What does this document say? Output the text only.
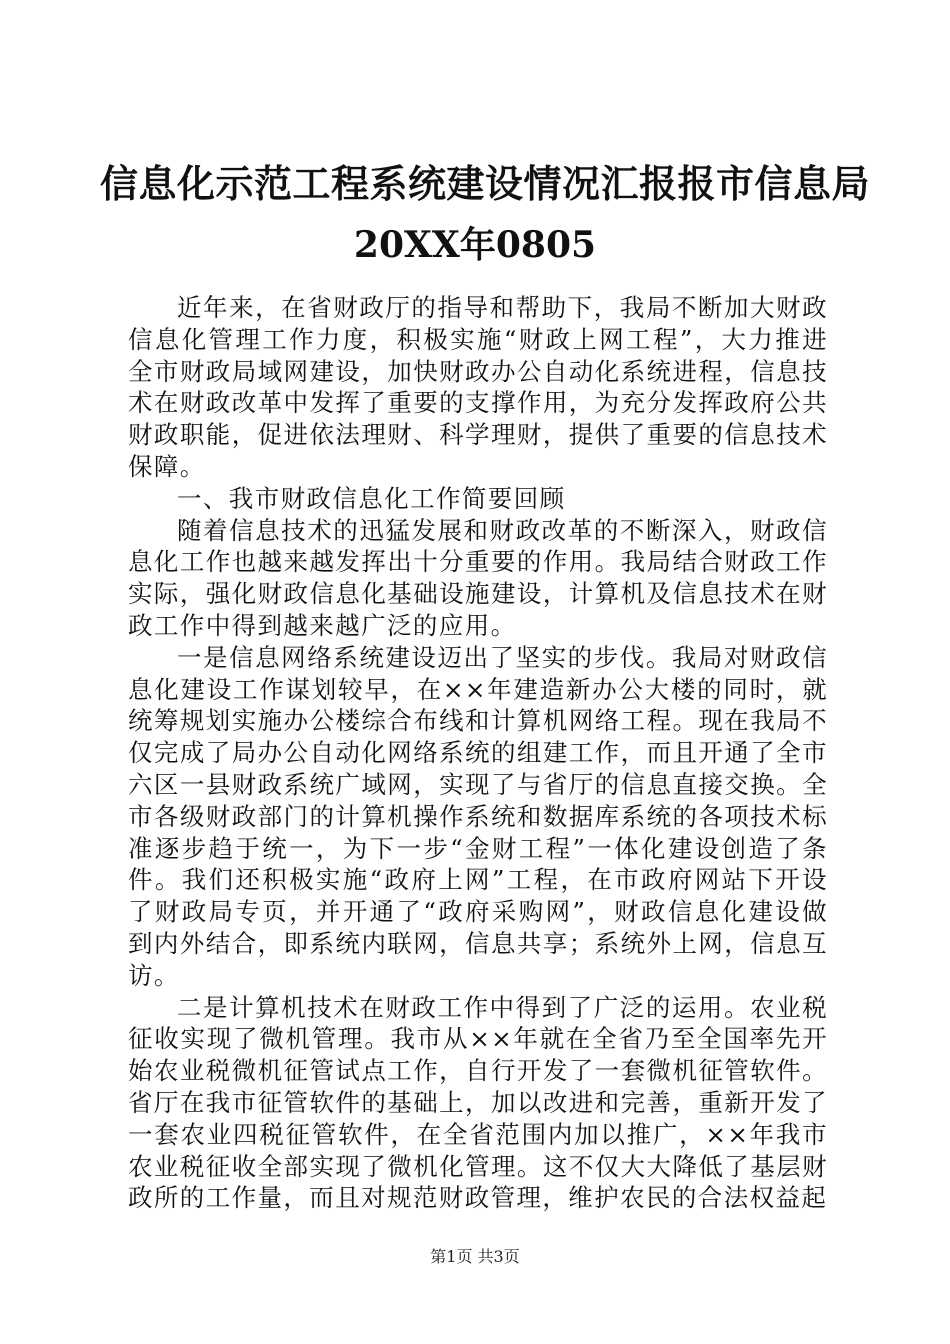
信息化示范工程系统建设情况汇报报市信息局
20XX年0805

近年来，在省财政厅的指导和帮助下，我局不断加大财政信息化管理工作力度，积极实施“财政上网工程”，大力推进全市财政局域网建设，加快财政办公自动化系统进程，信息技术在财政改革中发挥了重要的支撑作用，为充分发挥政府公共财政职能，促进依法理财、科学理财，提供了重要的信息技术保障。

一、我市财政信息化工作简要回顾

随着信息技术的迅猛发展和财政改革的不断深入，财政信息化工作也越来越发挥出十分重要的作用。我局结合财政工作实际，强化财政信息化基础设施建设，计算机及信息技术在财政工作中得到越来越广泛的应用。

一是信息网络系统建设迈出了坚实的步伐。我局对财政信息化建设工作谋划较早，在××年建造新办公大楼的同时，就统筹规划实施办公楼综合布线和计算机网络工程。现在我局不仅完成了局办公自动化网络系统的组建工作，而且开通了全市六区一县财政系统广域网，实现了与省厅的信息直接交换。全市各级财政部门的计算机操作系统和数据库系统的各项技术标准逐步趋于统一，为下一步“金财工程”一体化建设创造了条件。我们还积极实施“政府上网”工程，在市政府网站下开设了财政局专页，并开通了“政府采购网”，财政信息化建设做到内外结合，即系统内联网，信息共享；系统外上网，信息互访。

二是计算机技术在财政工作中得到了广泛的运用。农业税征收实现了微机管理。我市从××年就在全省乃至全国率先开始农业税微机征管试点工作，自行开发了一套微机征管软件。省厅在我市征管软件的基础上，加以改进和完善，重新开发了一套农业四税征管软件，在全省范围内加以推广，××年我市农业税征收全部实现了微机化管理。这不仅大大降低了基层财政所的工作量，而且对规范财政管理，维护农民的合法权益起

第1页 共3页
